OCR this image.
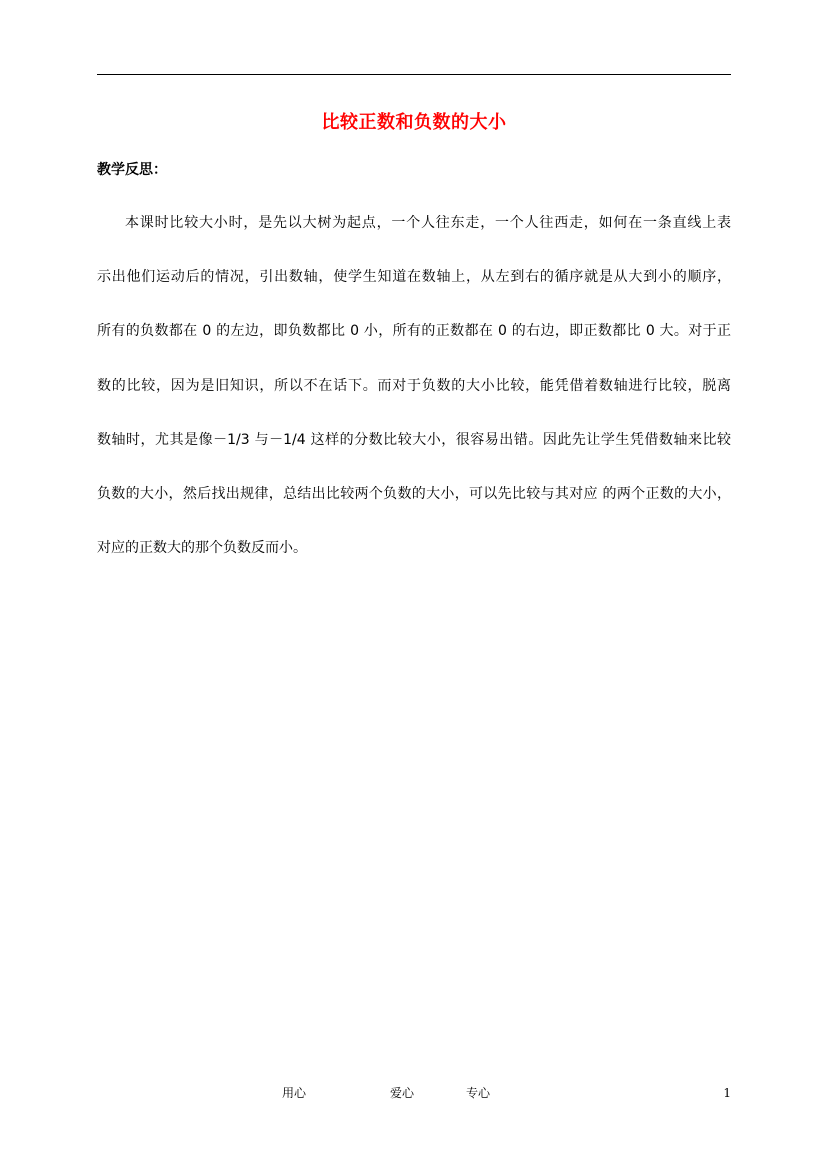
比较正数和负数的大小
教学反思：
本课时比较大小时，是先以大树为起点，一个人往东走，一个人往西走，如何在一条直线上表
示出他们运动后的情况，引出数轴，使学生知道在数轴上，从左到右的循序就是从大到小的顺序，
所有的负数都在 0 的左边，即负数都比 0 小，所有的正数都在 0 的右边，即正数都比 0 大。对于正
数的比较，因为是旧知识，所以不在话下。而对于负数的大小比较，能凭借着数轴进行比较，脱离
数轴时，尤其是像－1/3 与－1/4 这样的分数比较大小，很容易出错。因此先让学生凭借数轴来比较
负数的大小，然后找出规律，总结出比较两个负数的大小，可以先比较与其对应 的两个正数的大小，
对应的正数大的那个负数反而小。
用心	爱心	专心	1
